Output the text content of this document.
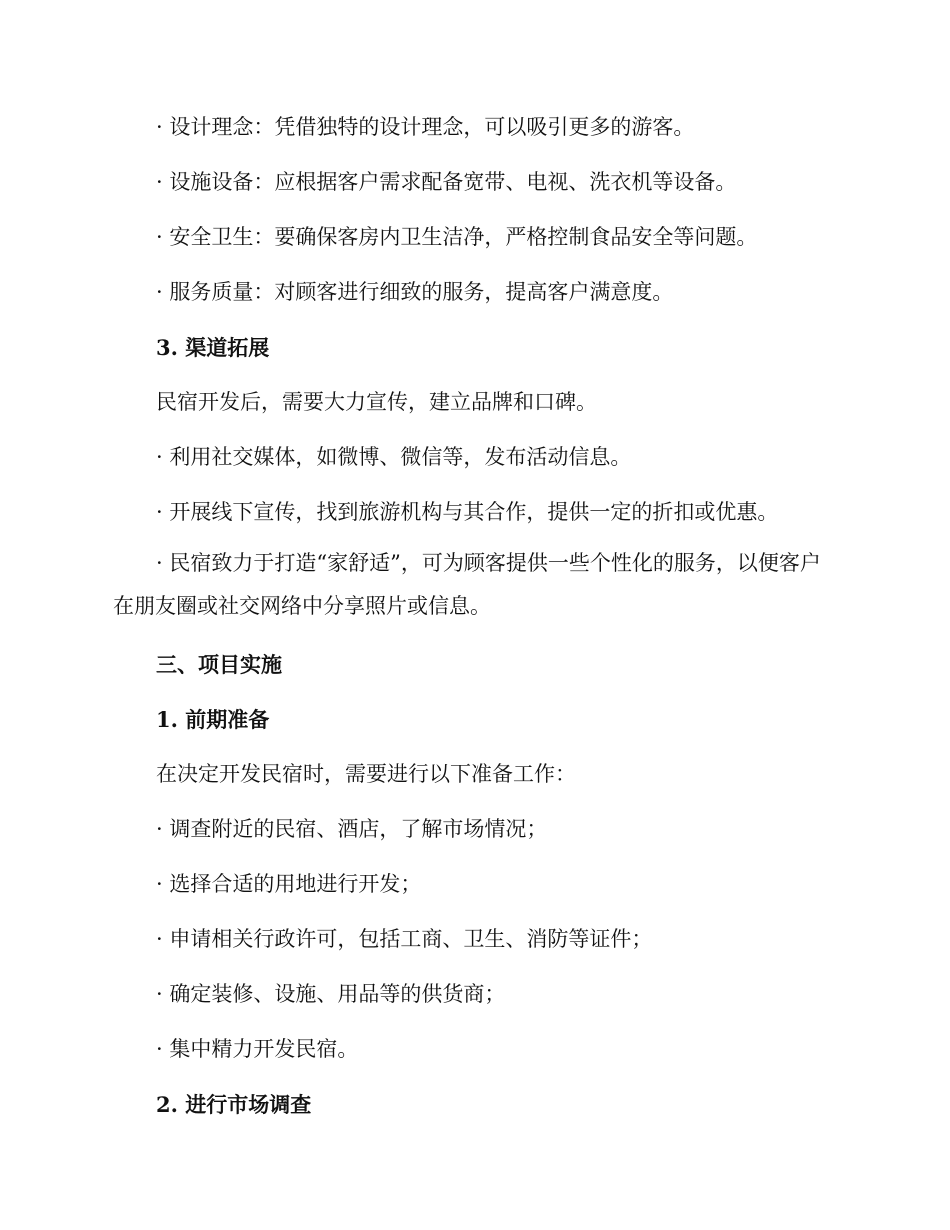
· 设计理念：凭借独特的设计理念，可以吸引更多的游客。
· 设施设备：应根据客户需求配备宽带、电视、洗衣机等设备。
· 安全卫生：要确保客房内卫生洁净，严格控制食品安全等问题。
· 服务质量：对顾客进行细致的服务，提高客户满意度。
3. 渠道拓展
民宿开发后，需要大力宣传，建立品牌和口碑。
· 利用社交媒体，如微博、微信等，发布活动信息。
· 开展线下宣传，找到旅游机构与其合作，提供一定的折扣或优惠。
· 民宿致力于打造“家舒适”，可为顾客提供一些个性化的服务，以便客户在朋友圈或社交网络中分享照片或信息。
三、项目实施
1. 前期准备
在决定开发民宿时，需要进行以下准备工作：
· 调查附近的民宿、酒店，了解市场情况；
· 选择合适的用地进行开发；
· 申请相关行政许可，包括工商、卫生、消防等证件；
· 确定装修、设施、用品等的供货商；
· 集中精力开发民宿。
2. 进行市场调查
